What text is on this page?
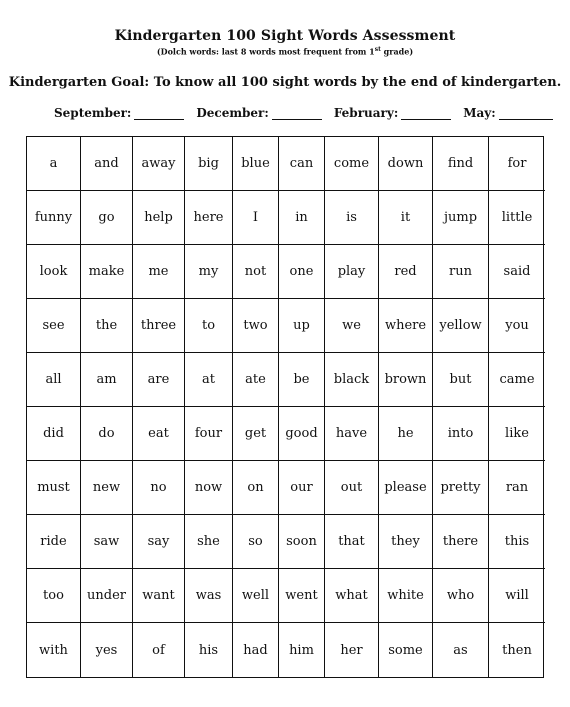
Kindergarten 100 Sight Words Assessment
(Dolch words: last 8 words most frequent from 1st grade)
Kindergarten Goal: To know all 100 sight words by the end of kindergarten.
September:	December:	February:	May:
a	and	away	big	blue	can	come	down	find	for
funny	go	help	here	I	in	is	it	jump	little
look	make	me	my	not	one	play	red	run	said
see	the	three	to	two	up	we	where	yellow	you
all	am	are	at	ate	be	black	brown	but	came
did	do	eat	four	get	good	have	he	into	like
must	new	no	now	on	our	out	please	pretty	ran
ride	saw	say	she	so	soon	that	they	there	this
too	under	want	was	well	went	what	white	who	will
with	yes	of	his	had	him	her	some	as	then
